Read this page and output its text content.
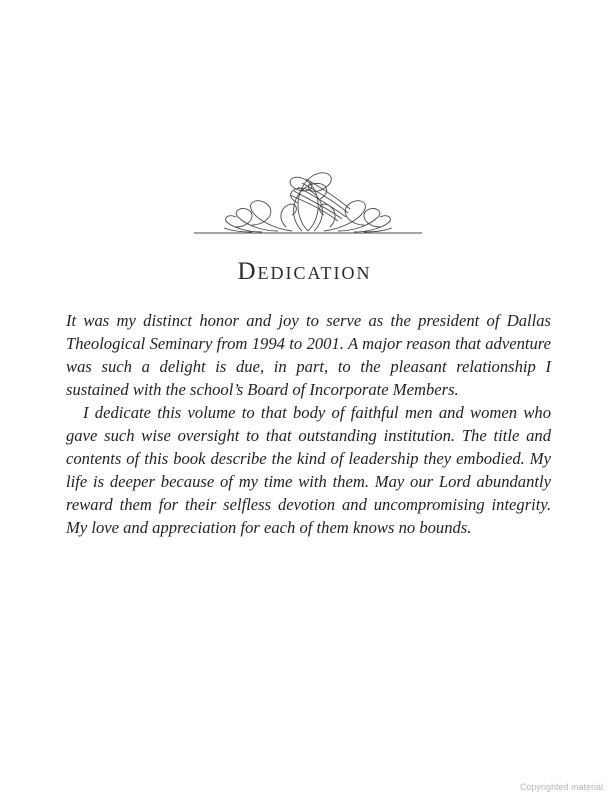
Dedication

It was my distinct honor and joy to serve as the president of Dallas Theological Seminary from 1994 to 2001. A major reason that adventure was such a delight is due, in part, to the pleasant relationship I sustained with the school’s Board of Incorporate Members.

I dedicate this volume to that body of faithful men and women who gave such wise oversight to that outstanding institution. The title and contents of this book describe the kind of leadership they embodied. My life is deeper because of my time with them. May our Lord abundantly reward them for their selfless devotion and uncompromising integrity. My love and appreciation for each of them knows no bounds.

Copyrighted material
